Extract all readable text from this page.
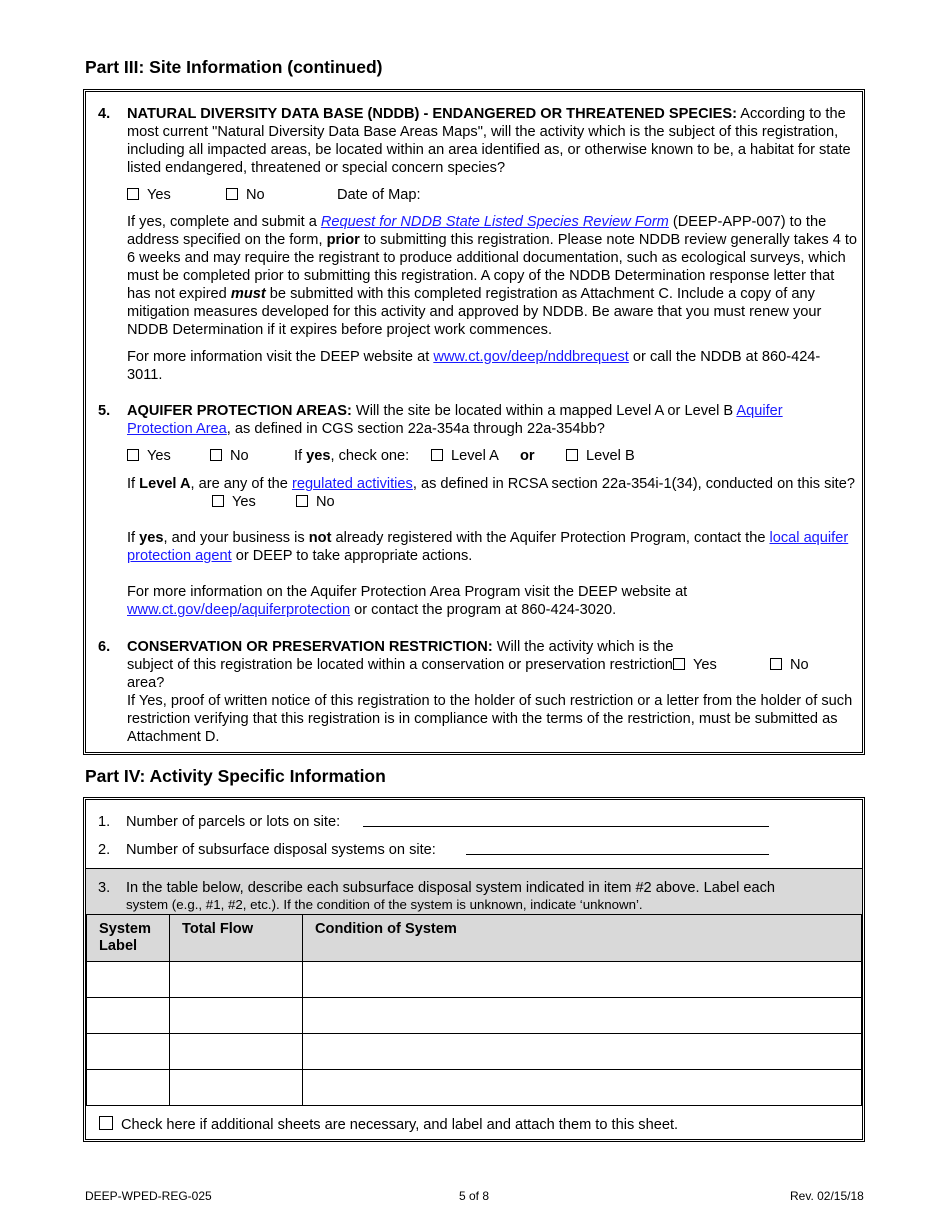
Part III: Site Information (continued)
4. NATURAL DIVERSITY DATA BASE (NDDB) - ENDANGERED OR THREATENED SPECIES: According to the most current "Natural Diversity Data Base Areas Maps", will the activity which is the subject of this registration, including all impacted areas, be located within an area identified as, or otherwise known to be, a habitat for state listed endangered, threatened or special concern species?
Yes	No	Date of Map:
If yes, complete and submit a Request for NDDB State Listed Species Review Form (DEEP-APP-007) to the address specified on the form, prior to submitting this registration. Please note NDDB review generally takes 4 to 6 weeks and may require the registrant to produce additional documentation, such as ecological surveys, which must be completed prior to submitting this registration. A copy of the NDDB Determination response letter that has not expired must be submitted with this completed registration as Attachment C. Include a copy of any mitigation measures developed for this activity and approved by NDDB. Be aware that you must renew your NDDB Determination if it expires before project work commences.
For more information visit the DEEP website at www.ct.gov/deep/nddbrequest or call the NDDB at 860-424-3011.
5. AQUIFER PROTECTION AREAS: Will the site be located within a mapped Level A or Level B Aquifer Protection Area, as defined in CGS section 22a-354a through 22a-354bb?
Yes	No	If yes, check one:	Level A or	Level B
If Level A, are any of the regulated activities, as defined in RCSA section 22a-354i-1(34), conducted on this site?
Yes	No
If yes, and your business is not already registered with the Aquifer Protection Program, contact the local aquifer protection agent or DEEP to take appropriate actions.
For more information on the Aquifer Protection Area Program visit the DEEP website at
www.ct.gov/deep/aquiferprotection or contact the program at 860-424-3020.
6. CONSERVATION OR PRESERVATION RESTRICTION: Will the activity which is the subject of this registration be located within a conservation or preservation restriction area?
Yes	No
If Yes, proof of written notice of this registration to the holder of such restriction or a letter from the holder of such restriction verifying that this registration is in compliance with the terms of the restriction, must be submitted as Attachment D.
Part IV: Activity Specific Information
1. Number of parcels or lots on site:
2. Number of subsurface disposal systems on site:
3. In the table below, describe each subsurface disposal system indicated in item #2 above. Label each
system (e.g., #1, #2, etc.). If the condition of the system is unknown, indicate ‘unknown’.
System Label	Total Flow	Condition of System

Check here if additional sheets are necessary, and label and attach them to this sheet.
DEEP-WPED-REG-025	5 of 8	Rev. 02/15/18
